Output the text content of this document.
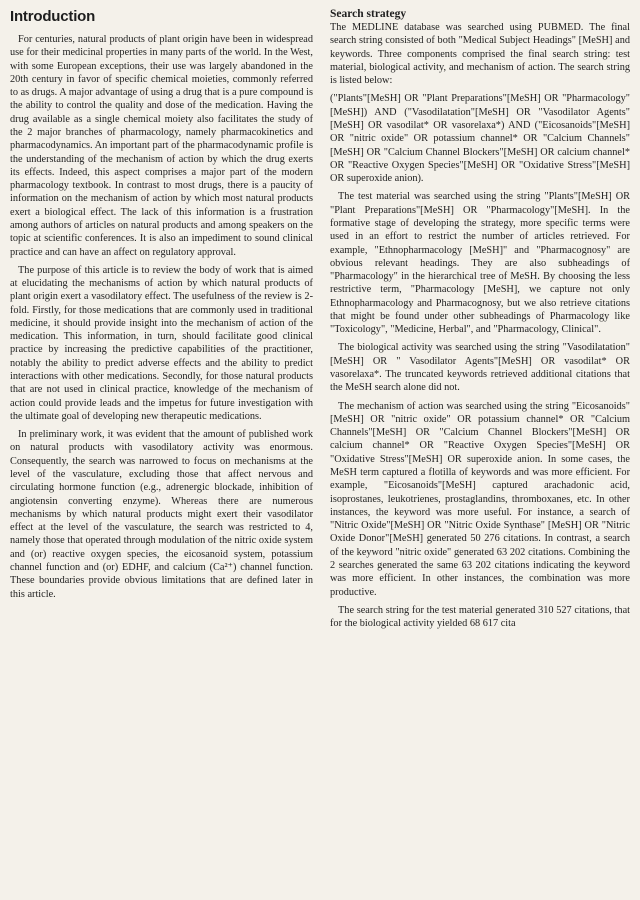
Introduction

For centuries, natural products of plant origin have been in widespread use for their medicinal properties in many parts of the world. In the West, with some European exceptions, their use was largely abandoned in the 20th century in favor of specific chemical moieties, commonly referred to as drugs. A major advantage of using a drug that is a pure compound is the ability to control the quality and dose of the medication. Having the drug available as a single chemical moiety also facilitates the study of the 2 major branches of pharmacology, namely pharmacokinetics and pharmacodynamics. An important part of the pharmacodynamic profile is the understanding of the mechanism of action by which the drug exerts its effects. Indeed, this aspect comprises a major part of the modern pharmacology textbook. In contrast to most drugs, there is a paucity of information on the mechanism of action by which most natural products exert a biological effect. The lack of this information is a frustration among authors of articles on natural products and among speakers on the topic at scientific conferences. It is also an impediment to sound clinical practice and can have an affect on regulatory approval.

The purpose of this article is to review the body of work that is aimed at elucidating the mechanisms of action by which natural products of plant origin exert a vasodilatory effect. The usefulness of the review is 2-fold. Firstly, for those medications that are commonly used in traditional medicine, it should provide insight into the mechanism of action of the medication. This information, in turn, should facilitate good clinical practice by increasing the predictive capabilities of the practitioner, notably the ability to predict adverse effects and the ability to predict interactions with other medications. Secondly, for those natural products that are not used in clinical practice, knowledge of the mechanism of action could provide leads and the impetus for future investigation with the ultimate goal of developing new therapeutic medications.

In preliminary work, it was evident that the amount of published work on natural products with vasodilatory activity was enormous. Consequently, the search was narrowed to focus on mechanisms at the level of the vasculature, excluding those that affect nervous and circulating hormone function (e.g., adrenergic blockade, inhibition of angiotensin converting enzyme). Whereas there are numerous mechanisms by which natural products might exert their vasodilator effect at the level of the vasculature, the search was restricted to 4, namely those that operated through modulation of the nitric oxide system and (or) reactive oxygen species, the eicosanoid system, potassium channel function and (or) EDHF, and calcium (Ca²⁺) channel function. These boundaries provide obvious limitations that are defined later in this article.

Search strategy

The MEDLINE database was searched using PUBMED. The final search string consisted of both "Medical Subject Headings" [MeSH] and keywords. Three components comprised the final search string: test material, biological activity, and mechanism of action. The search string is listed below:

("Plants"[MeSH] OR "Plant Preparations"[MeSH] OR "Pharmacology"[MeSH]) AND ("Vasodilatation"[MeSH] OR "Vasodilator Agents"[MeSH] OR vasodilat* OR vasorelaxa*) AND ("Eicosanoids"[MeSH] OR "nitric oxide" OR potassium channel* OR "Calcium Channels"[MeSH] OR "Calcium Channel Blockers"[MeSH] OR calcium channel* OR "Reactive Oxygen Species"[MeSH] OR "Oxidative Stress"[MeSH] OR superoxide anion).

The test material was searched using the string "Plants"[MeSH] OR "Plant Preparations"[MeSH] OR "Pharmacology"[MeSH]. In the formative stage of developing the strategy, more specific terms were used in an effort to restrict the number of articles retrieved. For example, "Ethnopharmacology [MeSH]" and "Pharmacognosy" are obvious relevant headings. They are also subheadings of "Pharmacology" in the hierarchical tree of MeSH. By choosing the less restrictive term, "Pharmacology [MeSH], we capture not only Ethnopharmacology and Pharmacognosy, but we also retrieve citations that might be found under other subheadings of Pharmacology like "Toxicology", "Medicine, Herbal", and "Pharmacology, Clinical".

The biological activity was searched using the string "Vasodilatation"[MeSH] OR " Vasodilator Agents"[MeSH] OR vasodilat* OR vasorelaxa*. The truncated keywords retrieved additional citations that the MeSH search alone did not.

The mechanism of action was searched using the string "Eicosanoids"[MeSH] OR "nitric oxide" OR potassium channel* OR "Calcium Channels"[MeSH] OR "Calcium Channel Blockers"[MeSH] OR calcium channel* OR "Reactive Oxygen Species"[MeSH] OR "Oxidative Stress"[MeSH] OR superoxide anion. In some cases, the MeSH term captured a flotilla of keywords and was more efficient. For example, "Eicosanoids"[MeSH] captured arachadonic acid, isoprostanes, leukotrienes, prostaglandins, thromboxanes, etc. In other instances, the keyword was more useful. For instance, a search of "Nitric Oxide"[MeSH] OR "Nitric Oxide Synthase" [MeSH] OR "Nitric Oxide Donor"[MeSH] generated 50 276 citations. In contrast, a search of the keyword "nitric oxide" generated 63 202 citations. Combining the 2 searches generated the same 63 202 citations indicating the keyword was more efficient. In other instances, the combination was more productive.

The search string for the test material generated 310 527 citations, that for the biological activity yielded 68 617 cita
